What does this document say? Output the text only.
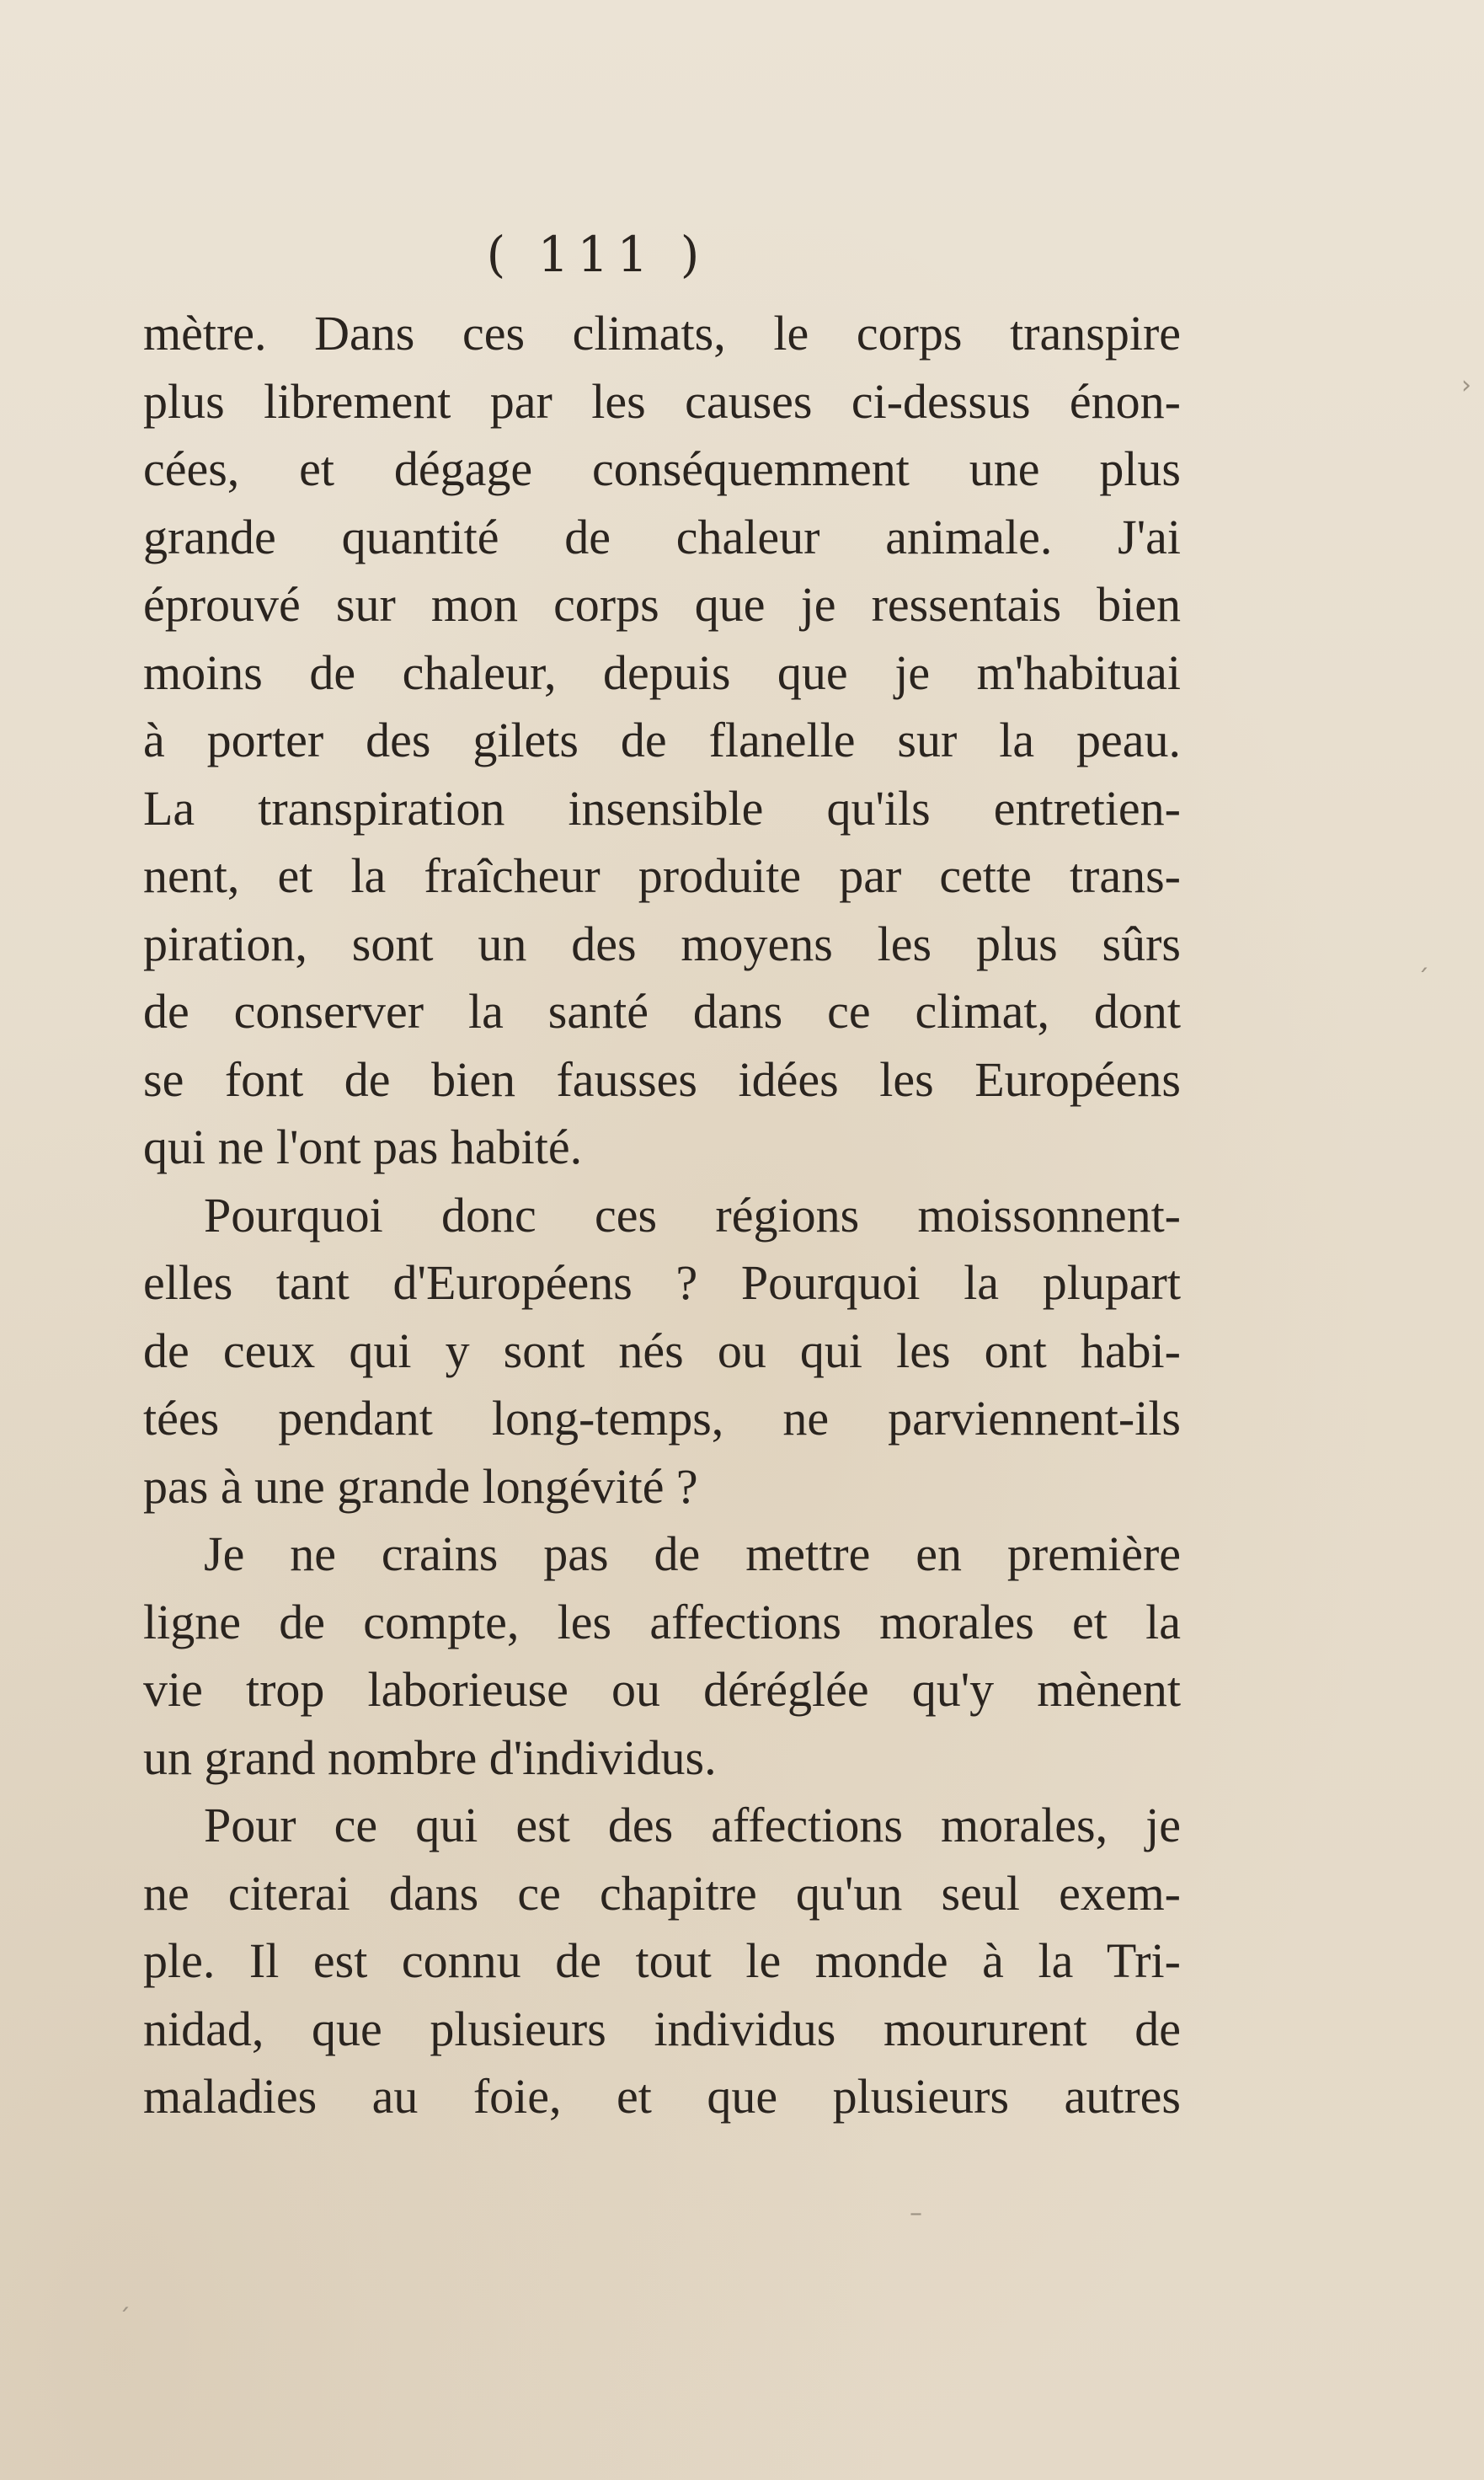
( 111 )
mètre. Dans ces climats, le corps transpire
plus librement par les causes ci-dessus énon-
cées, et dégage conséquemment une plus
grande quantité de chaleur animale. J'ai
éprouvé sur mon corps que je ressentais bien
moins de chaleur, depuis que je m'habituai
à porter des gilets de flanelle sur la peau.
La transpiration insensible qu'ils entretien-
nent, et la fraîcheur produite par cette trans-
piration, sont un des moyens les plus sûrs
de conserver la santé dans ce climat, dont
se font de bien fausses idées les Européens
qui ne l'ont pas habité.
Pourquoi donc ces régions moissonnent-
elles tant d'Européens ? Pourquoi la plupart
de ceux qui y sont nés ou qui les ont habi-
tées pendant long-temps, ne parviennent-ils
pas à une grande longévité ?
Je ne crains pas de mettre en première
ligne de compte, les affections morales et la
vie trop laborieuse ou déréglée qu'y mènent
un grand nombre d'individus.
Pour ce qui est des affections morales, je
ne citerai dans ce chapitre qu'un seul exem-
ple. Il est connu de tout le monde à la Tri-
nidad, que plusieurs individus moururent de
maladies au foie, et que plusieurs autres
ˏ
–
ˏ
›
